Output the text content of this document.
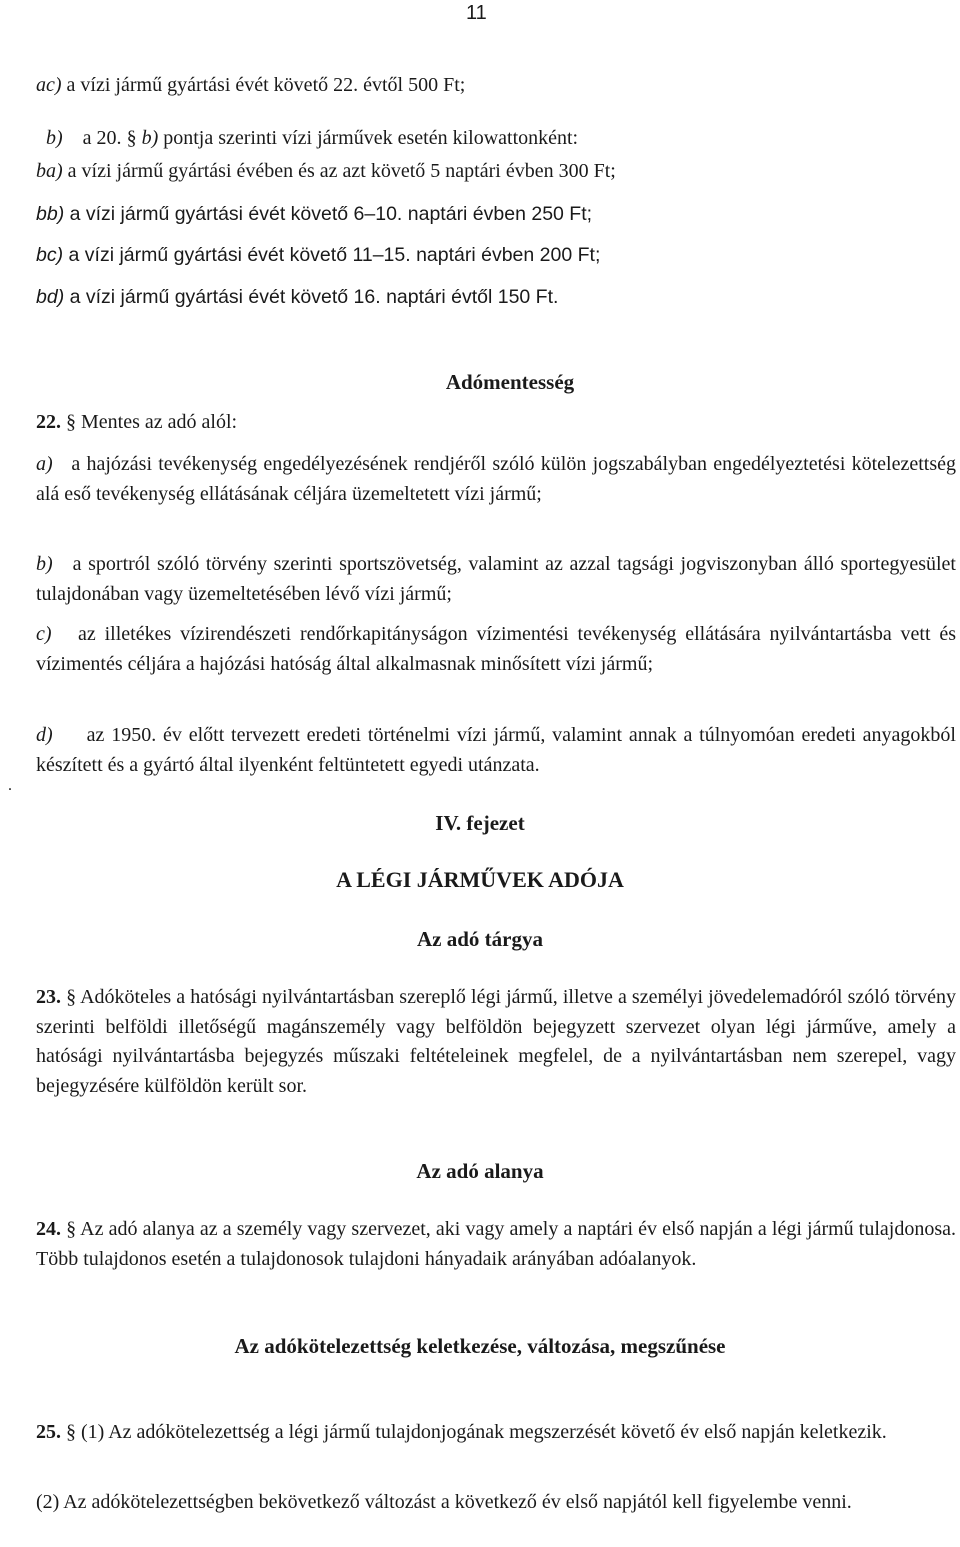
11
ac) a vízi jármű gyártási évét követő 22. évtől 500 Ft;

b)    a 20. § b) pontja szerinti vízi járművek esetén kilowattonként:

ba) a vízi jármű gyártási évében és az azt követő 5 naptári évben 300 Ft;
bb) a vízi jármű gyártási évét követő 6–10. naptári évben 250 Ft;
bc) a vízi jármű gyártási évét követő 11–15. naptári évben 200 Ft;
bd) a vízi jármű gyártási évét követő 16. naptári évtől 150 Ft.
Adómentesség
22. § Mentes az adó alól:
a) a hajózási tevékenység engedélyezésének rendjéről szóló külön jogszabályban engedélyeztetési kötelezettség alá eső tevékenység ellátásának céljára üzemeltetett vízi jármű;
b) a sportról szóló törvény szerinti sportszövetség, valamint az azzal tagsági jogviszonyban álló sportegyesület tulajdonában vagy üzemeltetésében lévő vízi jármű;
c) az illetékes vízirendészeti rendőrkapitányságon vízimentési tevékenység ellátására nyilvántartásba vett és vízimentés céljára a hajózási hatóság által alkalmasnak minősített vízi jármű;
d) az 1950. év előtt tervezett eredeti történelmi vízi jármű, valamint annak a túlnyomóan eredeti anyagokból készített és a gyártó által ilyenként feltüntetett egyedi utánzata.
.
IV. fejezet
A LÉGI JÁRMŰVEK ADÓJA
Az adó tárgya
23. § Adóköteles a hatósági nyilvántartásban szereplő légi jármű, illetve a személyi jövedelemadóról szóló törvény szerinti belföldi illetőségű magánszemély vagy belföldön bejegyzett szervezet olyan légi járműve, amely a hatósági nyilvántartásba bejegyzés műszaki feltételeinek megfelel, de a nyilvántartásban nem szerepel, vagy bejegyzésére külföldön került sor.
Az adó alanya
24. § Az adó alanya az a személy vagy szervezet, aki vagy amely a naptári év első napján a légi jármű tulajdonosa. Több tulajdonos esetén a tulajdonosok tulajdoni hányadaik arányában adóalanyok.
Az adókötelezettség keletkezése, változása, megszűnése
25. § (1) Az adókötelezettség a légi jármű tulajdonjogának megszerzését követő év első napján keletkezik.
(2) Az adókötelezettségben bekövetkező változást a következő év első napjától kell figyelembe venni.
